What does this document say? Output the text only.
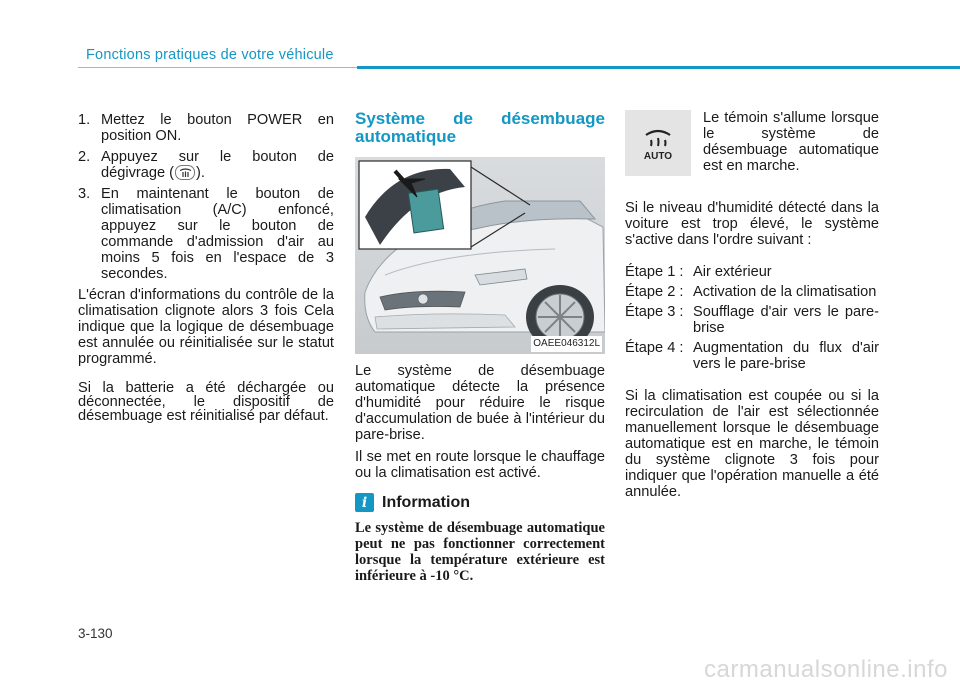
Fonctions pratiques de votre véhicule
1. Mettez le bouton POWER en position ON.
2. Appuyez sur le bouton de dégivrage ( ).
3. En maintenant le bouton de climatisation (A/C) enfoncé, appuyez sur le bouton de commande d'admission d'air au moins 5 fois en l'espace de 3 secondes.

L'écran d'informations du contrôle de la climatisation clignote alors 3 fois Cela indique que la logique de désembuage est annulée ou réinitialisée sur le statut programmé.

Si la batterie a été déchargée ou déconnectée, le dispositif de désembuage est réinitialisé par défaut.

Système de désembuage automatique
OAEE046312L

Le système de désembuage automatique détecte la présence d'humidité pour réduire le risque d'accumulation de buée à l'intérieur du pare-brise.

Il se met en route lorsque le chauffage ou la climatisation est activé.

i Information
Le système de désembuage automatique peut ne pas fonctionner correctement lorsque la température extérieure est inférieure à -10 °C.
AUTO
Le témoin s'allume lorsque le système de désembuage automatique est en marche.

Si le niveau d'humidité détecté dans la voiture est trop élevé, le système s'active dans l'ordre suivant :

Étape 1 : Air extérieur
Étape 2 : Activation de la climatisation
Étape 3 : Soufflage d'air vers le pare-brise
Étape 4 : Augmentation du flux d'air vers le pare-brise

Si la climatisation est coupée ou si la recirculation de l'air est sélectionnée manuellement lorsque le désembuage automatique est en marche, le témoin du système clignote 3 fois pour indiquer que l'opération manuelle a été annulée.

3-130
carmanualsonline.info
